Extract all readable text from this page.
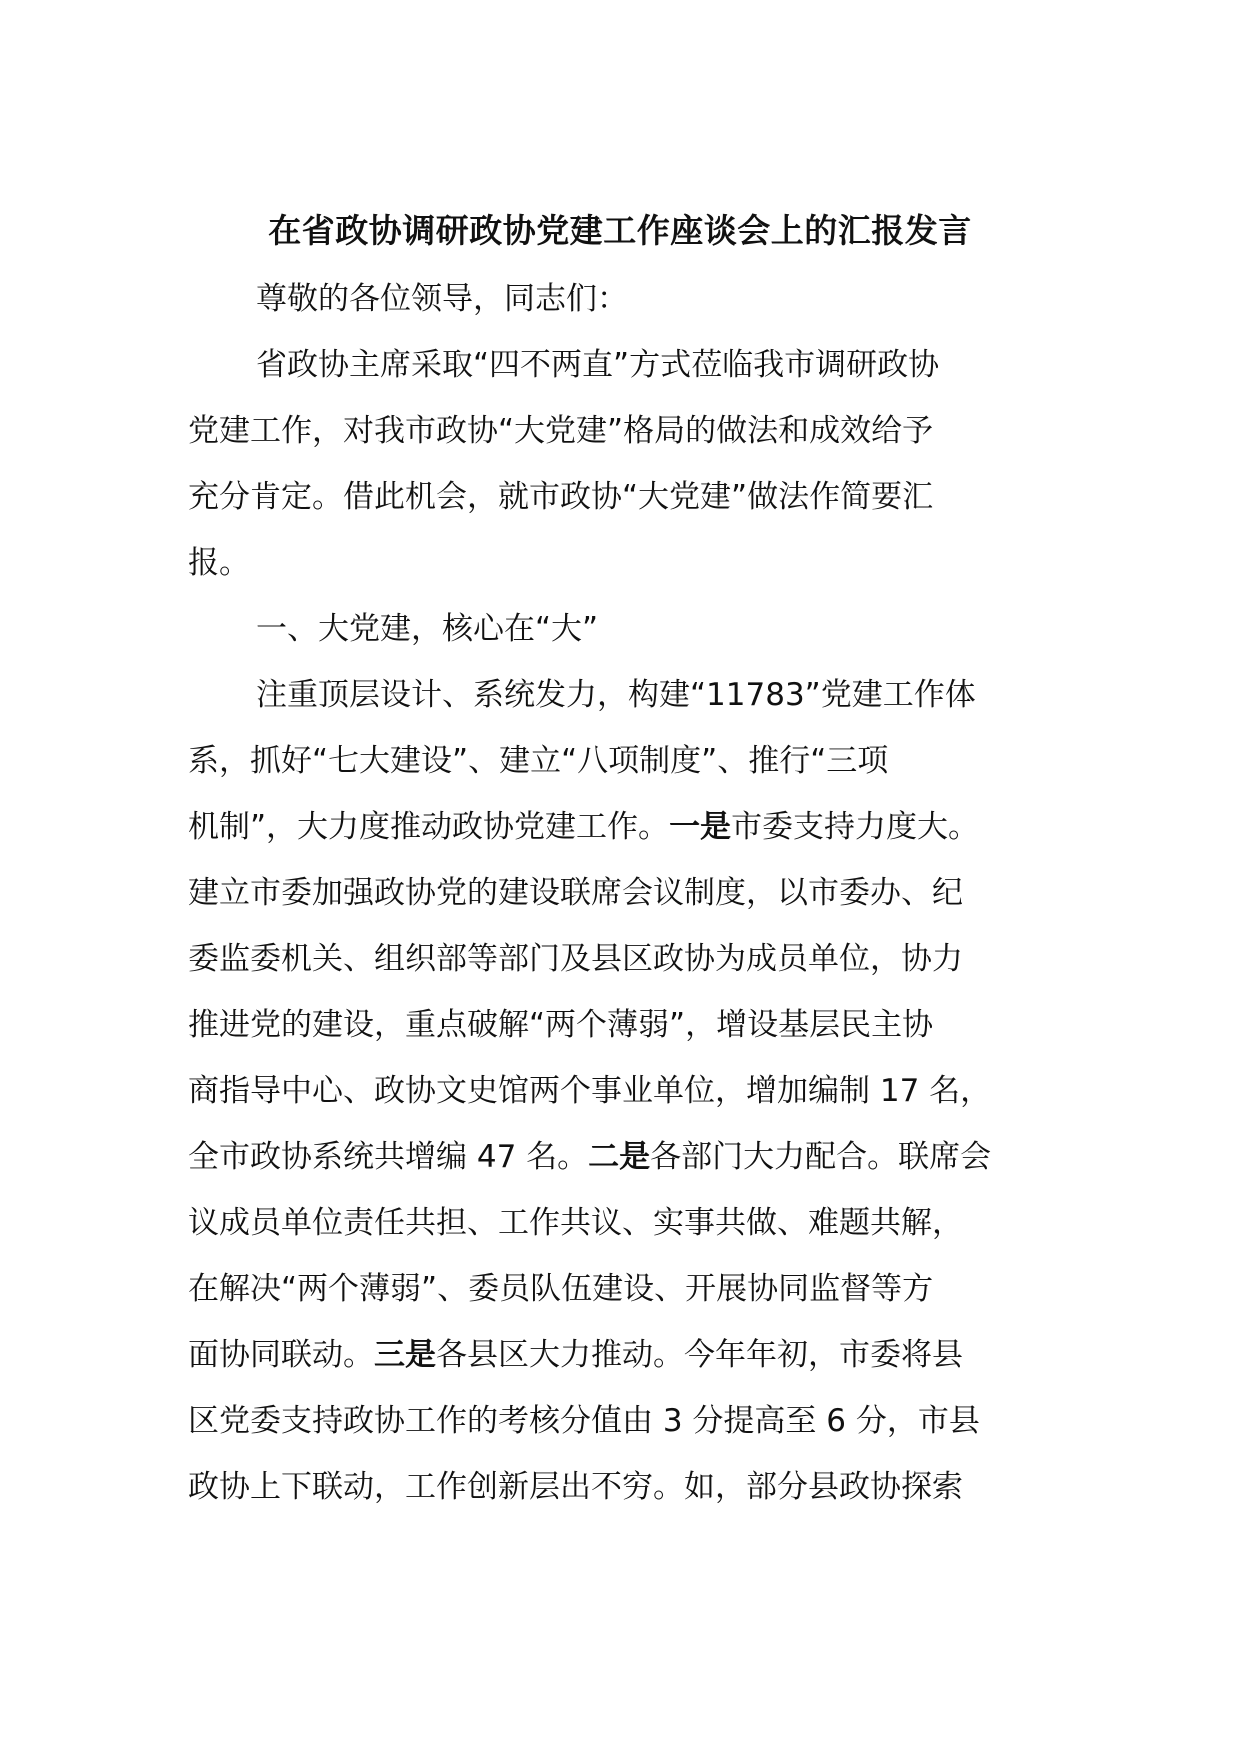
在省政协调研政协党建工作座谈会上的汇报发言
尊敬的各位领导，同志们：
省政协主席采取“四不两直”方式莅临我市调研政协
党建工作，对我市政协“大党建”格局的做法和成效给予
充分肯定。借此机会，就市政协“大党建”做法作简要汇
报。
一、大党建，核心在“大”
注重顶层设计、系统发力，构建“11783”党建工作体
系，抓好“七大建设”、建立“八项制度”、推行“三项
机制”，大力度推动政协党建工作。一是市委支持力度大。
建立市委加强政协党的建设联席会议制度，以市委办、纪
委监委机关、组织部等部门及县区政协为成员单位，协力
推进党的建设，重点破解“两个薄弱”，增设基层民主协
商指导中心、政协文史馆两个事业单位，增加编制 17 名，
全市政协系统共增编 47 名。二是各部门大力配合。联席会
议成员单位责任共担、工作共议、实事共做、难题共解，
在解决“两个薄弱”、委员队伍建设、开展协同监督等方
面协同联动。三是各县区大力推动。今年年初，市委将县
区党委支持政协工作的考核分值由 3 分提高至 6 分，市县
政协上下联动，工作创新层出不穷。如，部分县政协探索
